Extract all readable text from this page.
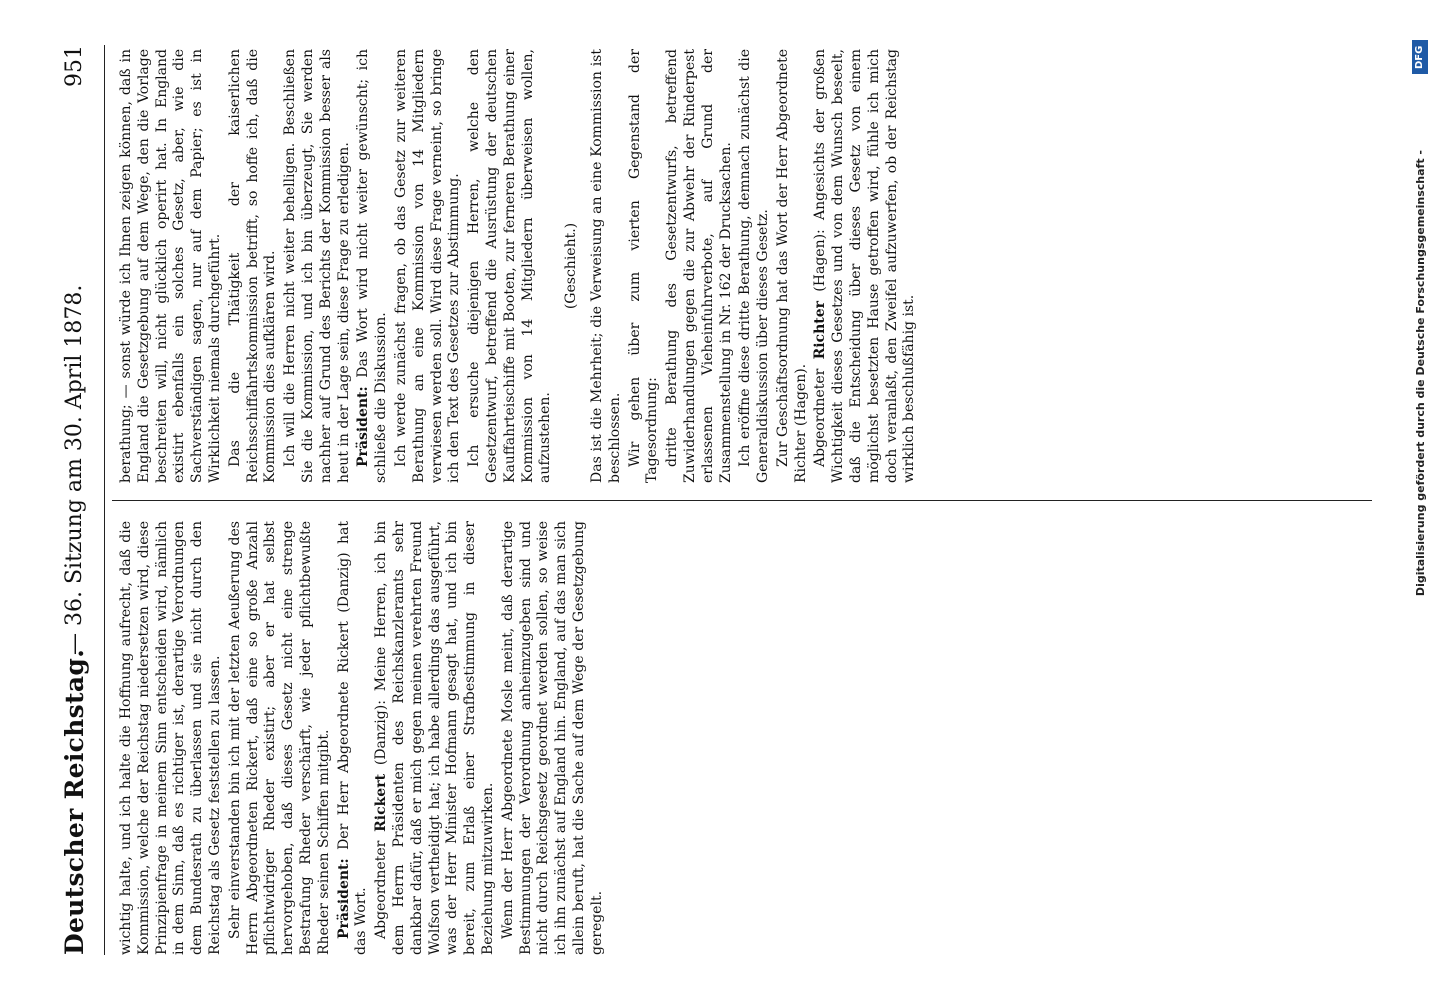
Deutscher Reichstag.
— 36. Sitzung am 30. April 1878.
951

wichtig halte, und ich halte die Hoffnung aufrecht, daß die Kommission, welche der Reichstag niedersetzen wird, diese Prinzipienfrage in meinem Sinn entscheiden wird, nämlich in dem Sinn, daß es richtiger ist, derartige Verordnungen dem Bundesrath zu überlassen und sie nicht durch den Reichstag als Gesetz feststellen zu lassen. Sehr einverstanden bin ich mit der letzten Aeußerung des Herrn Abgeordneten Rickert, daß eine so große Anzahl pflichtwidriger Rheder existirt; aber er hat selbst hervorgehoben, daß dieses Gesetz nicht eine strenge Bestrafung Rheder verschärft, wie jeder pflichtbewußte Rheder seinen Schiffen mitgibt. Präsident: Der Herr Abgeordnete Rickert (Danzig) hat das Wort. Abgeordneter Rickert (Danzig): Meine Herren, ich bin dem Herrn Präsidenten des Reichskanzleramts sehr dankbar dafür, daß er mich gegen meinen verehrten Freund Wolfson vertheidigt hat; ich habe allerdings das ausgeführt, was der Herr Minister Hofmann gesagt hat, und ich bin bereit, zum Erlaß einer Strafbestimmung in dieser Beziehung mitzuwirken. Wenn der Herr Abgeordnete Mosle meint, daß derartige Bestimmungen der Verordnung anheimzugeben sind und nicht durch Reichsgesetz geordnet werden sollen, so weise ich ihn zunächst auf England hin. England, auf das man sich allein beruft, hat die Sache auf dem Wege der Gesetzgebung geregelt.

berathung; — sonst würde ich Ihnen zeigen können, daß in England die Gesetzgebung auf dem Wege, den die Vorlage beschreiten will, nicht glücklich operirt hat. In England existirt ebenfalls ein solches Gesetz, aber, wie die Sachverständigen sagen, nur auf dem Papier; es ist in Wirklichkeit niemals durchgeführt. Das die Thätigkeit der kaiserlichen Reichsschiffahrtskommission betrifft, so hoffe ich, daß die Kommission dies aufklären wird. Ich will die Herren nicht weiter behelligen. Beschließen Sie die Kommission, und ich bin überzeugt, Sie werden nachher auf Grund des Berichts der Kommission besser als heut in der Lage sein, diese Frage zu erledigen. Präsident: Das Wort wird nicht weiter gewünscht; ich schließe die Diskussion. Ich werde zunächst fragen, ob das Gesetz zur weiteren Berathung an eine Kommission von 14 Mitgliedern verwiesen werden soll. Wird diese Frage verneint, so bringe ich den Text des Gesetzes zur Abstimmung. Ich ersuche diejenigen Herren, welche den Gesetzentwurf, betreffend die Ausrüstung der deutschen Kauffahrteischiffe mit Booten, zur ferneren Berathung einer Kommission von 14 Mitgliedern überweisen wollen, aufzustehen.

(Geschieht.) Das ist die Mehrheit; die Verweisung an eine Kommission ist beschlossen. Wir gehen über zum vierten Gegenstand der Tagesordnung: dritte Berathung des Gesetzentwurfs, betreffend Zuwiderhandlungen gegen die zur Abwehr der Rinderpest erlassenen Vieheinfuhrverbote, auf Grund der Zusammenstellung in Nr. 162 der Drucksachen. Ich eröffne diese dritte Berathung, demnach zunächst die Generaldiskussion über dieses Gesetz. Zur Geschäftsordnung hat das Wort der Herr Abgeordnete Richter (Hagen). Abgeordneter Richter (Hagen): Angesichts der großen Wichtigkeit dieses Gesetzes und von dem Wunsch beseelt, daß die Entscheidung über dieses Gesetz von einem möglichst besetzten Hause getroffen wird, fühle ich mich doch veranlaßt, den Zweifel aufzuwerfen, ob der Reichstag wirklich beschlußfähig ist.

DFG
Digitalisierung gefördert durch die Deutsche Forschungsgemeinschaft -
